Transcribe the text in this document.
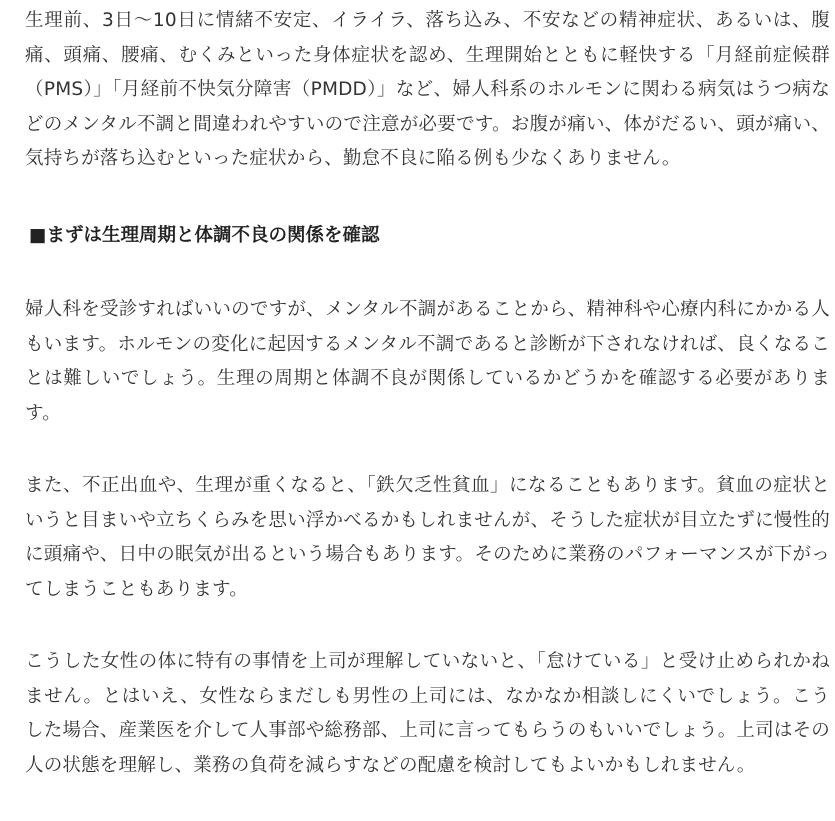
生理前、3日〜10日に情緒不安定、イライラ、落ち込み、不安などの精神症状、あるいは、腹痛、頭痛、腰痛、むくみといった身体症状を認め、生理開始とともに軽快する「月経前症候群（PMS）」「月経前不快気分障害（PMDD）」など、婦人科系のホルモンに関わる病気はうつ病などのメンタル不調と間違われやすいので注意が必要です。お腹が痛い、体がだるい、頭が痛い、気持ちが落ち込むといった症状から、勤怠不良に陥る例も少なくありません。

■まずは生理周期と体調不良の関係を確認

婦人科を受診すればいいのですが、メンタル不調があることから、精神科や心療内科にかかる人もいます。ホルモンの変化に起因するメンタル不調であると診断が下されなければ、良くなることは難しいでしょう。生理の周期と体調不良が関係しているかどうかを確認する必要があります。

また、不正出血や、生理が重くなると、「鉄欠乏性貧血」になることもあります。貧血の症状というと目まいや立ちくらみを思い浮かべるかもしれませんが、そうした症状が目立たずに慢性的に頭痛や、日中の眠気が出るという場合もあります。そのために業務のパフォーマンスが下がってしまうこともあります。

こうした女性の体に特有の事情を上司が理解していないと、「怠けている」と受け止められかねません。とはいえ、女性ならまだしも男性の上司には、なかなか相談しにくいでしょう。こうした場合、産業医を介して人事部や総務部、上司に言ってもらうのもいいでしょう。上司はその人の状態を理解し、業務の負荷を減らすなどの配慮を検討してもよいかもしれません。
